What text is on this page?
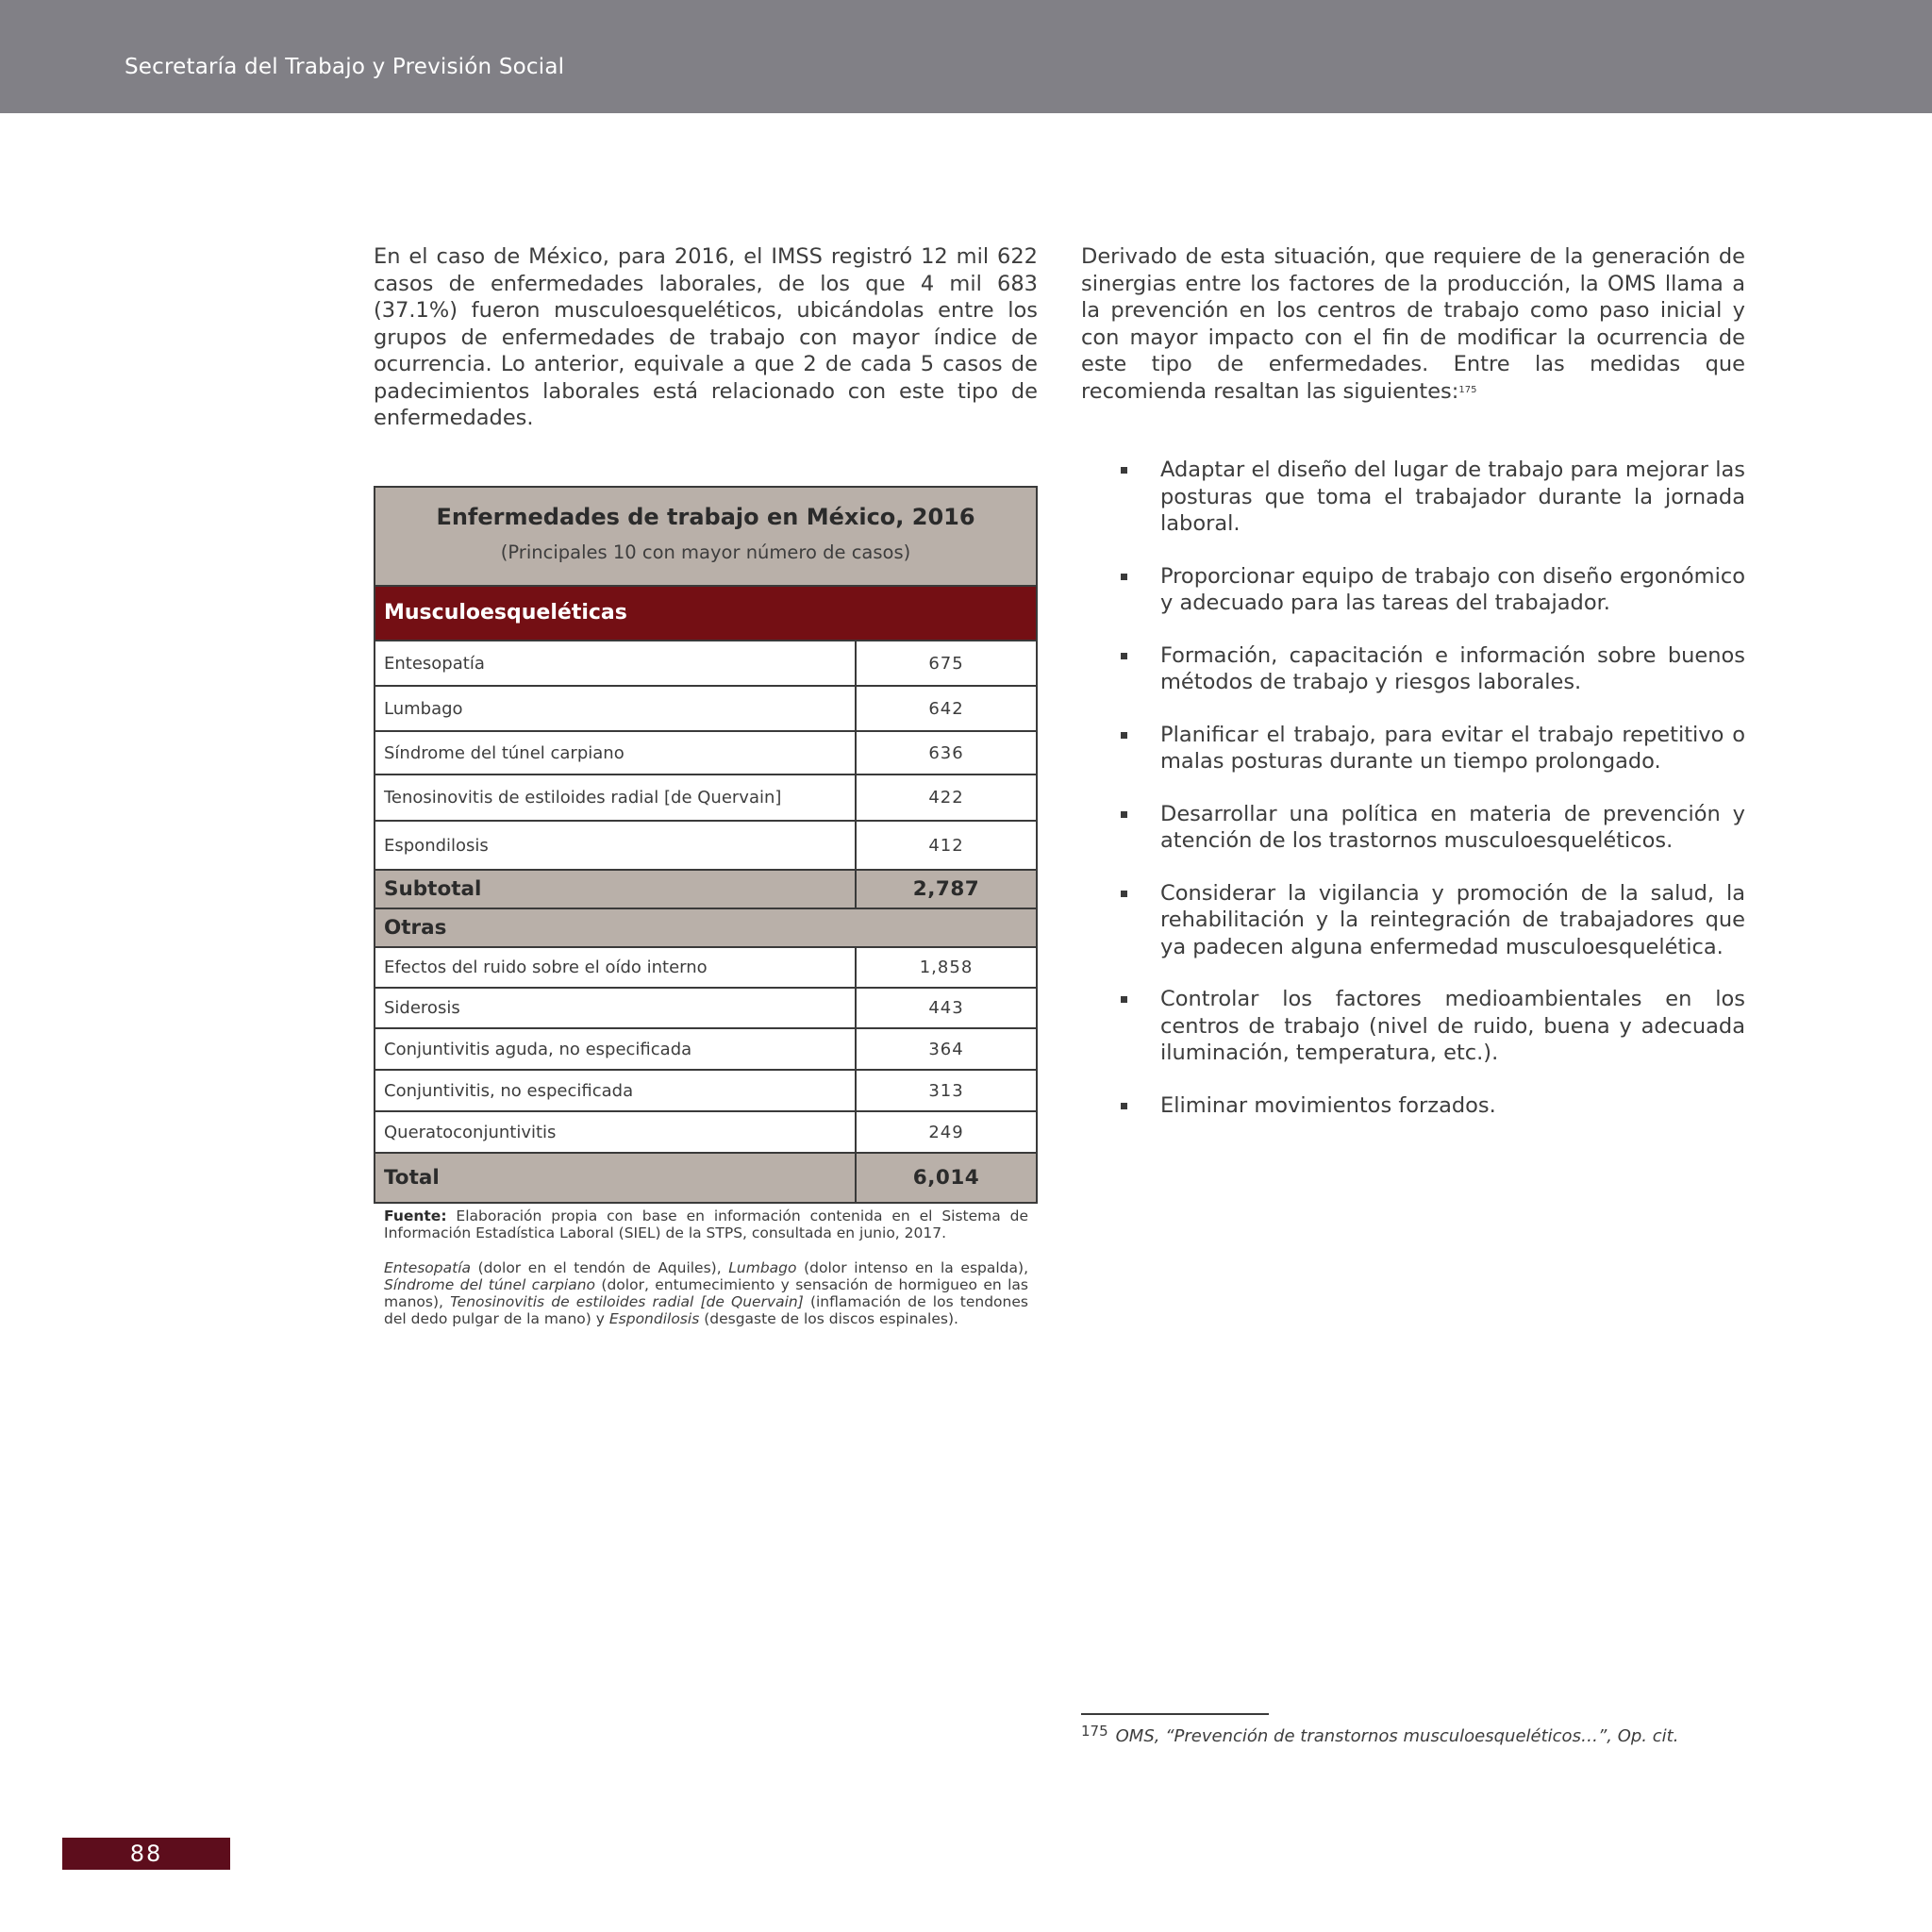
Secretaría del Trabajo y Previsión Social
En el caso de México, para 2016, el IMSS registró 12 mil 622 casos de enfermedades laborales, de los que 4 mil 683 (37.1%) fueron musculoesqueléticos, ubicándolas entre los grupos de enfermedades de trabajo con mayor índice de ocurrencia. Lo anterior, equivale a que 2 de cada 5 casos de padecimientos laborales está relacionado con este tipo de enfermedades.
Derivado de esta situación, que requiere de la generación de sinergias entre los factores de la producción, la OMS llama a la prevención en los centros de trabajo como paso inicial y con mayor impacto con el fin de modificar la ocurrencia de este tipo de enfermedades. Entre las medidas que recomienda resaltan las siguientes:$^{175}$
Enfermedades de trabajo en México, 2016
(Principales 10 con mayor número de casos)
Musculoesqueléticas
Entesopatía	675
Lumbago	642
Síndrome del túnel carpiano	636
Tenosinovitis de estiloides radial [de Quervain]	422
Espondilosis	412
Subtotal	2,787
Otras
Efectos del ruido sobre el oído interno	1,858
Siderosis	443
Conjuntivitis aguda, no especificada	364
Conjuntivitis, no especificada	313
Queratoconjuntivitis	249
Total	6,014
Fuente: Elaboración propia con base en información contenida en el Sistema de Información Estadística Laboral (SIEL) de la STPS, consultada en junio, 2017.
Entesopatía (dolor en el tendón de Aquiles), Lumbago (dolor intenso en la espalda), Síndrome del túnel carpiano (dolor, entumecimiento y sensación de hormigueo en las manos), Tenosinovitis de estiloides radial [de Quervain] (inflamación de los tendones del dedo pulgar de la mano) y Espondilosis (desgaste de los discos espinales).
Adaptar el diseño del lugar de trabajo para mejorar las posturas que toma el trabajador durante la jornada laboral.
Proporcionar equipo de trabajo con diseño ergonómico y adecuado para las tareas del trabajador.
Formación, capacitación e información sobre buenos métodos de trabajo y riesgos laborales.
Planificar el trabajo, para evitar el trabajo repetitivo o malas posturas durante un tiempo prolongado.
Desarrollar una política en materia de prevención y atención de los trastornos musculoesqueléticos.
Considerar la vigilancia y promoción de la salud, la rehabilitación y la reintegración de trabajadores que ya padecen alguna enfermedad musculoesquelética.
Controlar los factores medioambientales en los centros de trabajo (nivel de ruido, buena y adecuada iluminación, temperatura, etc.).
Eliminar movimientos forzados.
$^{175}$ OMS, “Prevención de transtornos musculoesqueléticos…”, Op. cit.
88
